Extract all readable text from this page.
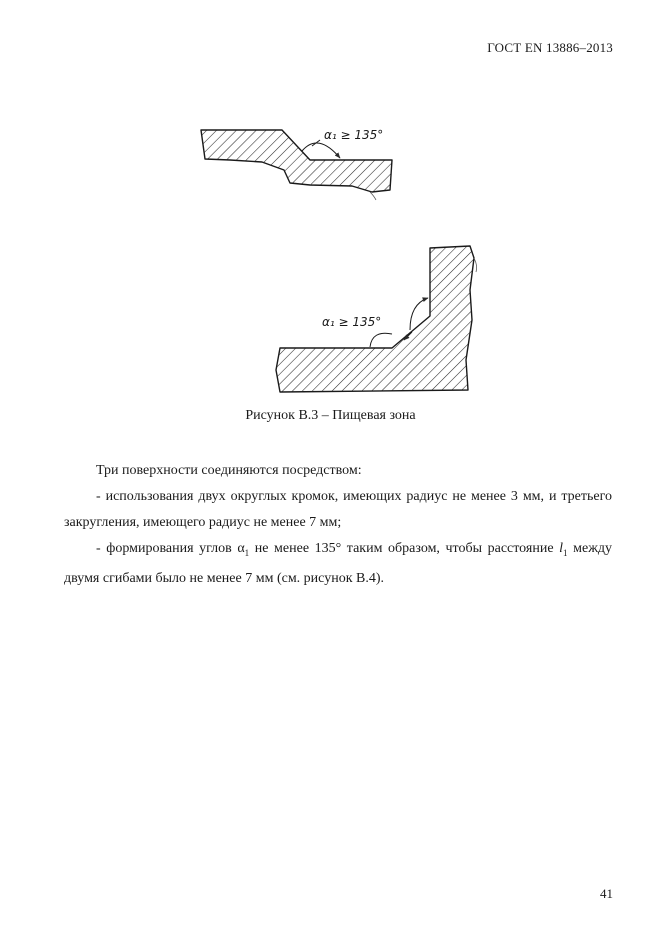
ГОСТ EN 13886–2013
α₁ ≥ 135°
α₁ ≥ 135°
Рисунок В.3 – Пищевая зона

Три поверхности соединяются посредством:

- использования двух округлых кромок, имеющих радиус не менее 3 мм, и третьего закругления, имеющего радиус не менее 7 мм;

- формирования углов $\alpha_1$ не менее 135° таким образом, чтобы расстояние $l_1$ между двумя сгибами было не менее 7 мм (см. рисунок В.4).

41
